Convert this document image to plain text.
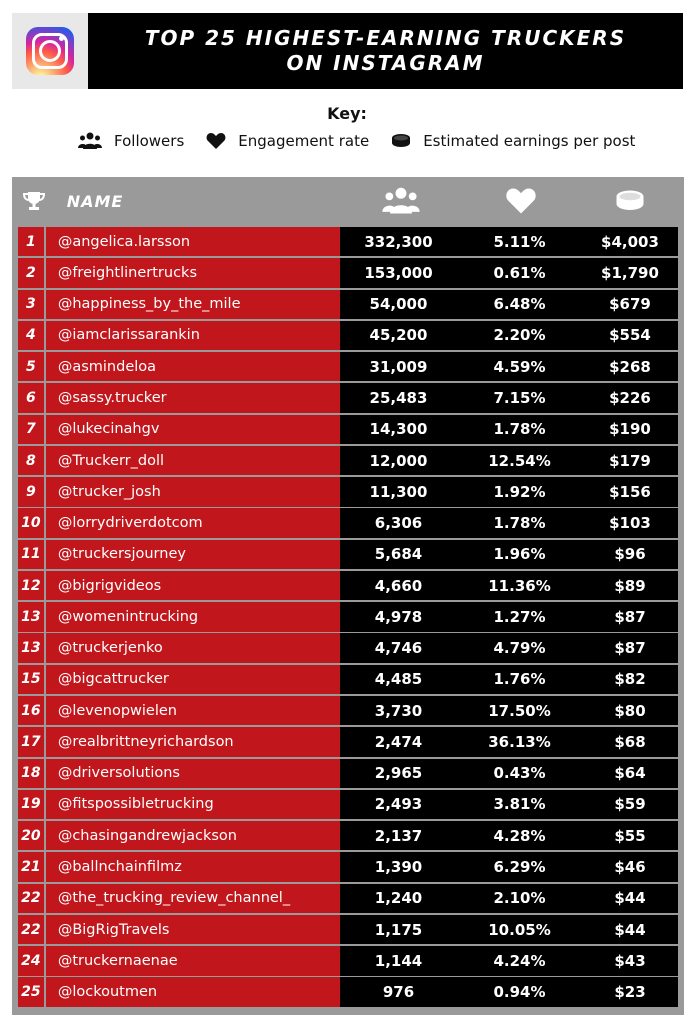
TOP 25 HIGHEST-EARNING TRUCKERS
ON INSTAGRAM
Key:
Followers	Engagement rate	Estimated earnings per post
NAME
1	@angelica.larsson	332,300	5.11%	$4,003
2	@freightlinertrucks	153,000	0.61%	$1,790
3	@happiness_by_the_mile	54,000	6.48%	$679
4	@iamclarissarankin	45,200	2.20%	$554
5	@asmindeloa	31,009	4.59%	$268
6	@sassy.trucker	25,483	7.15%	$226
7	@lukecinahgv	14,300	1.78%	$190
8	@Truckerr_doll	12,000	12.54%	$179
9	@trucker_josh	11,300	1.92%	$156
10	@lorrydriverdotcom	6,306	1.78%	$103
11	@truckersjourney	5,684	1.96%	$96
12	@bigrigvideos	4,660	11.36%	$89
13	@womenintrucking	4,978	1.27%	$87
13	@truckerjenko	4,746	4.79%	$87
15	@bigcattrucker	4,485	1.76%	$82
16	@levenopwielen	3,730	17.50%	$80
17	@realbrittneyrichardson	2,474	36.13%	$68
18	@driversolutions	2,965	0.43%	$64
19	@fitspossibletrucking	2,493	3.81%	$59
20	@chasingandrewjackson	2,137	4.28%	$55
21	@ballnchainfilmz	1,390	6.29%	$46
22	@the_trucking_review_channel_	1,240	2.10%	$44
22	@BigRigTravels	1,175	10.05%	$44
24	@truckernaenae	1,144	4.24%	$43
25	@lockoutmen	976	0.94%	$23
